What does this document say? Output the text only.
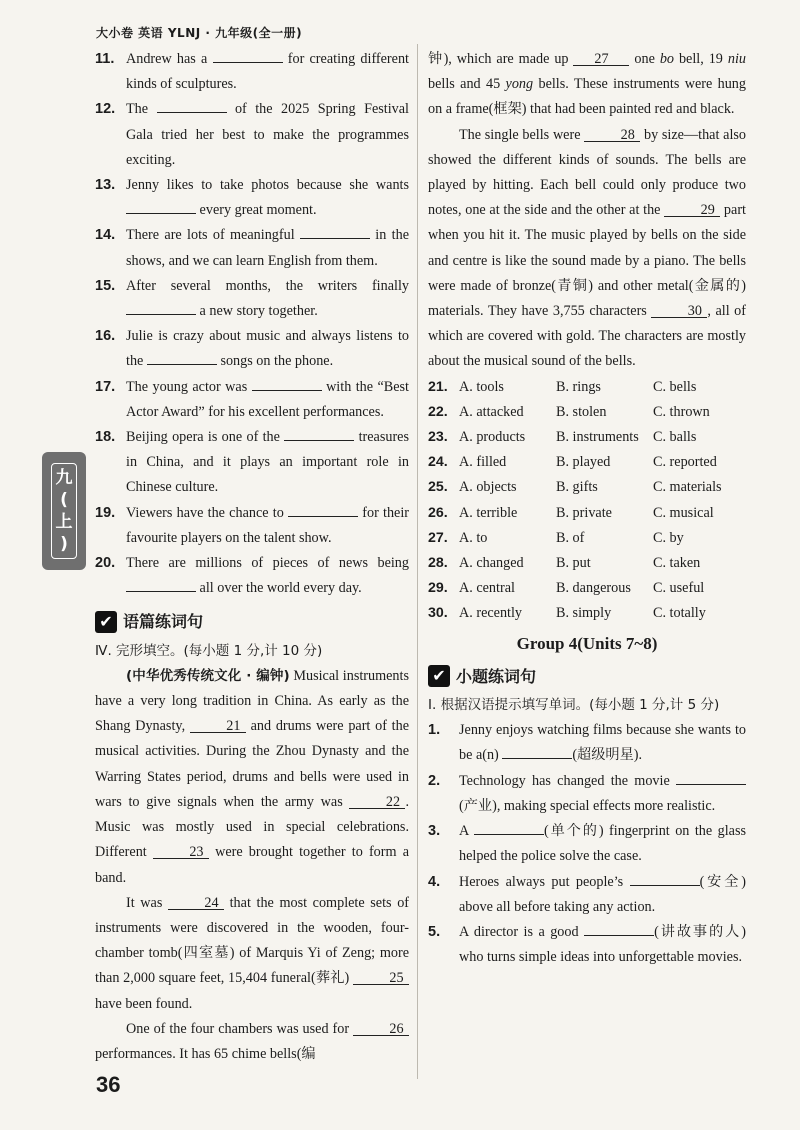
大小卷 英语 YLNJ · 九年级(全一册)
11. Andrew has a	for creating different kinds of sculptures.
12. The	of the 2025 Spring Festival Gala tried her best to make the programmes exciting.
13. Jenny likes to take photos because she wants  every great moment.
14. There are lots of meaningful	in the shows, and we can learn English from them.
15. After several months, the writers finally  a new story together.
16. Julie is crazy about music and always listens to the	songs on the phone.
17. The young actor was	with the “Best Actor Award” for his excellent performances.
18. Beijing opera is one of the	treasures in China, and it plays an important role in Chinese culture.
19. Viewers have the chance to	for their favourite players on the talent show.
20. There are millions of pieces of news being  all over the world every day.
✔ 语篇练词句
Ⅳ. 完形填空。(每小题 1 分,计 10 分)
(中华优秀传统文化 · 编钟) Musical instruments have a very long tradition in China. As early as the Shang Dynasty,	21 and drums were part of the musical activities. During the Zhou Dynasty and the Warring States period, drums and bells were used in wars to give signals when the army was	22 . Music was mostly used in special celebrations. Different	23 were brought together to form a band.
It was	24 that the most complete sets of instruments were discovered in the wooden, four-chamber tomb(四室墓) of Marquis Yi of Zeng; more than 2,000 square feet, 15,404 funeral(葬礼)	25 have been found.
One of the four chambers was used for	26 performances. It has 65 chime bells(编
钟), which are made up 27 one bo bell, 19 niu bells and 45 yong bells. These instruments were hung on a frame(框架) that had been painted red and black.
The single bells were	28 by size—that also showed the different kinds of sounds. The bells are played by hitting. Each bell could only produce two notes, one at the side and the other at the	29 part when you hit it. The music played by bells on the side and centre is like the sound made by a piano. The bells were made of bronze(青铜) and other metal(金属的) materials. They have 3,755 characters	30 , all of which are covered with gold. The characters are mostly about the musical sound of the bells.
21. A. tools	B. rings	C. bells
22. A. attacked	B. stolen	C. thrown
23. A. products	B. instruments	C. balls
24. A. filled	B. played	C. reported
25. A. objects	B. gifts	C. materials
26. A. terrible	B. private	C. musical
27. A. to	B. of	C. by
28. A. changed	B. put	C. taken
29. A. central	B. dangerous	C. useful
30. A. recently	B. simply	C. totally
Group 4(Units 7~8)
✔ 小题练词句
Ⅰ. 根据汉语提示填写单词。(每小题 1 分,计 5 分)
1. Jenny enjoys watching films because she wants to be a(n)	(超级明星).
2. Technology has changed the movie (产业), making special effects more realistic.
3. A	(单个的) fingerprint on the glass helped the police solve the case.
4. Heroes always put people’s	(安全) above all before taking any action.
5. A director is a good	(讲故事的人) who turns simple ideas into unforgettable movies.
九
(
上
)
36
